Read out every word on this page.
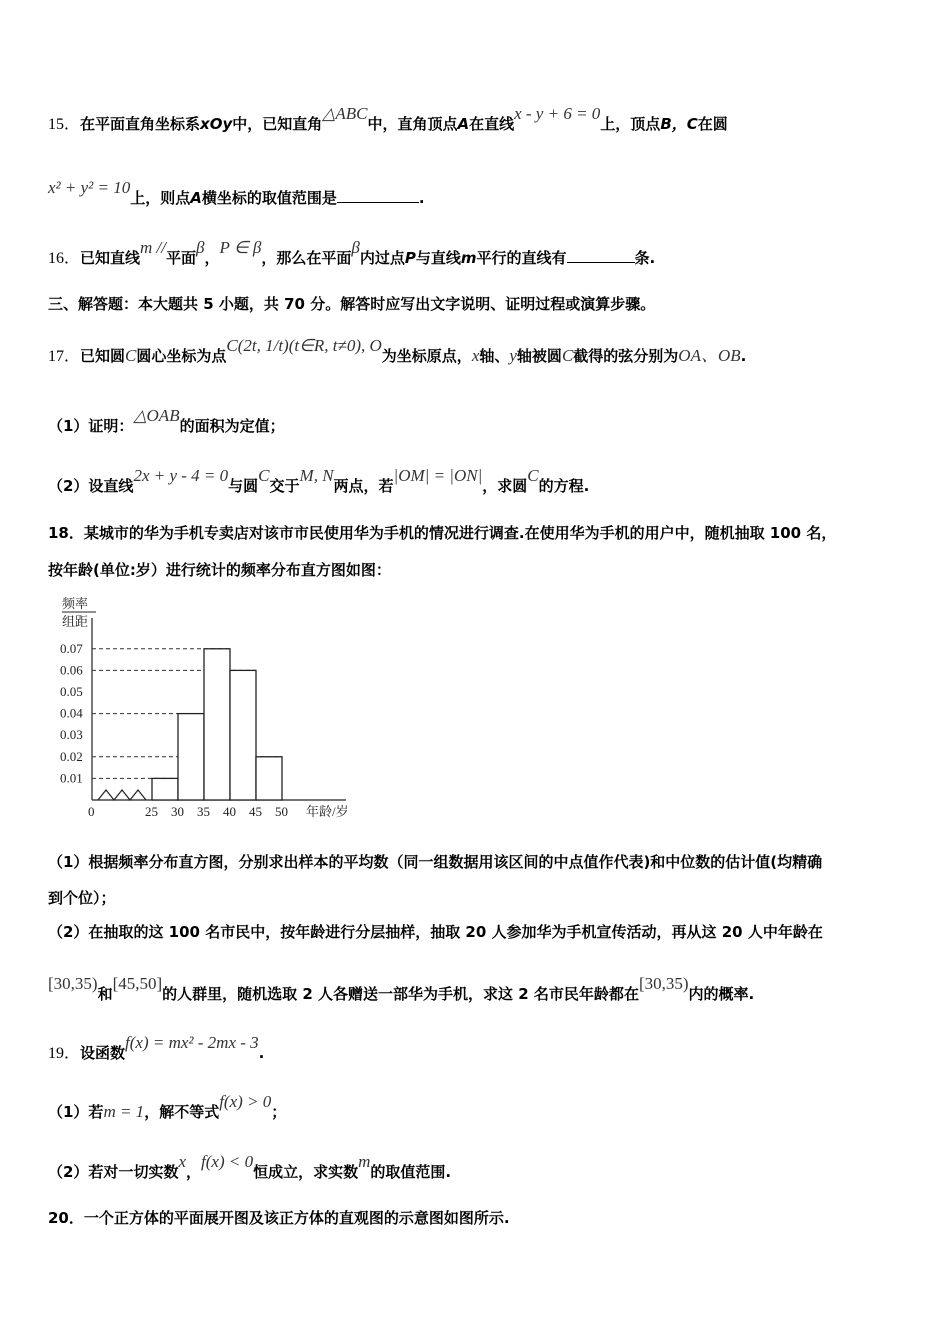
15．在平面直角坐标系xOy中，已知直角△ABC中，直角顶点A在直线x - y + 6 = 0上，顶点B，C在圆
x² + y² = 10上，则点A横坐标的取值范围是	.
16．已知直线m //平面β，P ∈ β，那么在平面β内过点P与直线m平行的直线有	条.
三、解答题：本大题共 5 小题，共 70 分。解答时应写出文字说明、证明过程或演算步骤。
17．已知圆C圆心坐标为点C(2t, 1/t)(t∈R, t≠0), O为坐标原点，x轴、y轴被圆C截得的弦分别为OA、OB.
（1）证明：△OAB的面积为定值；
（2）设直线2x + y - 4 = 0与圆C交于M, N两点，若|OM| = |ON|，求圆C的方程.
18．某城市的华为手机专卖店对该市市民使用华为手机的情况进行调查.在使用华为手机的用户中，随机抽取 100 名，
按年龄(单位:岁）进行统计的频率分布直方图如图：
频率
组距
0.07
0.06
0.05
0.04
0.03
0.02
0.01
0	25 30 35 40 45 50 年龄/岁
（1）根据频率分布直方图，分别求出样本的平均数（同一组数据用该区间的中点值作代表)和中位数的估计值(均精确
到个位）；
（2）在抽取的这 100 名市民中，按年龄进行分层抽样，抽取 20 人参加华为手机宣传活动，再从这 20 人中年龄在
[30,35)和[45,50]的人群里，随机选取 2 人各赠送一部华为手机，求这 2 名市民年龄都在[30,35)内的概率.
19．设函数f(x) = mx² - 2mx - 3.
（1）若m = 1，解不等式f(x) > 0；
（2）若对一切实数x，f(x) < 0恒成立，求实数m的取值范围.
20．一个正方体的平面展开图及该正方体的直观图的示意图如图所示.
